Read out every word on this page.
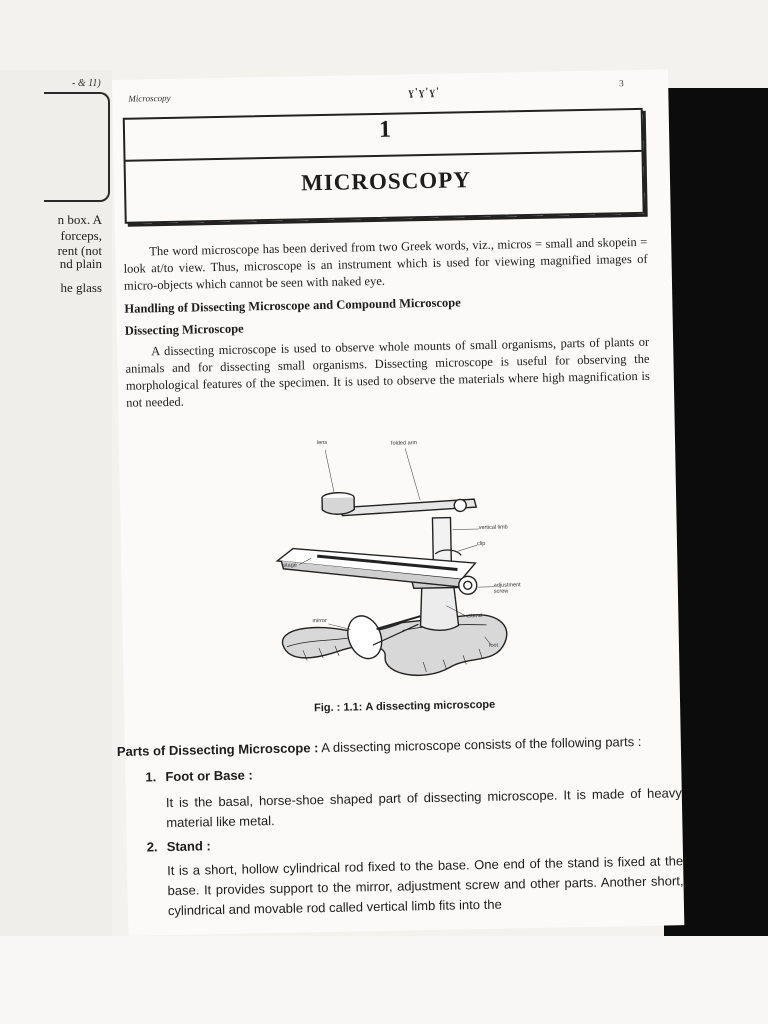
- & 11)
n box. A
forceps,
rent (not
nd plain
he glass
Microscopy	ɣ'ɣ'ɣ'
3
1
MICROSCOPY
The word microscope has been derived from two Greek words, viz., micros = small and skopein = look at/to view. Thus, microscope is an instrument which is used for viewing magnified images of micro-objects which cannot be seen with naked eye.
Handling of Dissecting Microscope and Compound Microscope
Dissecting Microscope
A dissecting microscope is used to observe whole mounts of small organisms, parts of plants or animals and for dissecting small organisms. Dissecting microscope is useful for observing the morphological features of the specimen. It is used to observe the materials where high magnification is not needed.
lens	folded arm
vertical limb
clip
stage
adjustment screw
mirror
stand
foot
Fig. : 1.1: A dissecting microscope
Parts of Dissecting Microscope : A dissecting microscope consists of the following parts :
1. Foot or Base :
It is the basal, horse-shoe shaped part of dissecting microscope. It is made of heavy material like metal.
2. Stand :
It is a short, hollow cylindrical rod fixed to the base. One end of the stand is fixed at the base. It provides support to the mirror, adjustment screw and other parts. Another short, cylindrical and movable rod called vertical limb fits into the
